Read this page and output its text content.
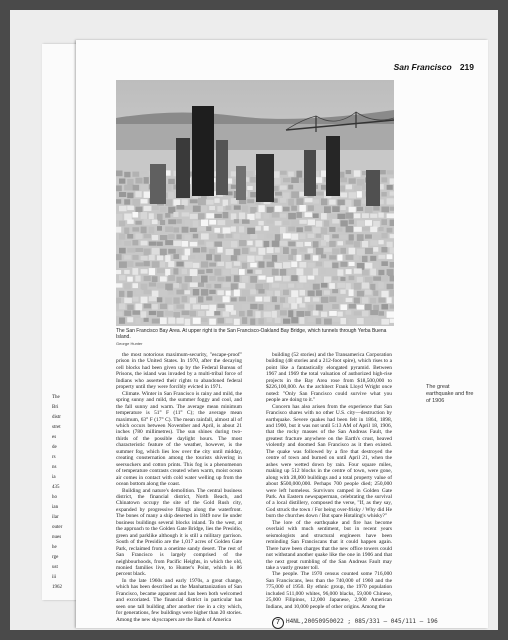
The
Bri
distr
stret
es
de
rs
ns
ia
435
ho
ian
ilar
outer
nues
he
rge
ust
iii
1962
San Francisco 219
The San Francisco Bay Area. At upper right is the San Francisco-Oakland Bay Bridge, which tunnels through Yerba Buena Island.
George Hunter

the most notorious maximum-security, "escape-proof" prison in the United States. In 1970, after the decaying cell blocks had been given up by the Federal Bureau of Prisons, the island was invaded by a multi-tribal force of Indians who asserted their rights to abandoned federal property until they were forcibly evicted in 1971.

Climate. Winter in San Francisco is rainy and mild, the spring sunny and mild, the summer foggy and cool, and the fall sunny and warm. The average mean minimum temperature is 51° F (11° C); the average mean maximum, 63° F (17° C). The mean rainfall, almost all of which occurs between November and April, is about 21 inches (780 millimetres). The sun shines during two-thirds of the possible daylight hours. The most characteristic feature of the weather, however, is the summer fog, which lies low over the city until midday, creating consternation among the tourists shivering in seersuckers and cotton prints. This fog is a phenomenon of temperature contrasts created when warm, moist ocean air comes in contact with cold water welling up from the ocean bottom along the coast.

Building and nature's demolition. The central business district, the financial district, North Beach, and Chinatown occupy the site of the Gold Rush city, expanded by progressive fillings along the waterfront. The bones of many a ship deserted in 1849 now lie under business buildings several blocks inland. To the west, at the approach to the Golden Gate Bridge, lies the Presidio, green and parklike although it is still a military garrison. South of the Presidio are the 1,017 acres of Golden Gate Park, reclaimed from a onetime sandy desert. The rest of San Francisco is largely comprised of the neighbourhoods, from Pacific Heights, in which the old, monied families live, to Hunter's Point, which is 86 percent black.

In the late 1960s and early 1970s, a great change, which has been described as the Manhattanization of San Francisco, became apparent and has been both welcomed and excoriated. The financial district in particular has seen one tall building after another rise in a city which, for generations, few buildings were higher than 20 stories. Among the new skyscrapers are the Bank of America

building (52 stories) and the Transamerica Corporation building (48 stories and a 212-foot spire), which rises to a point like a fantastically elongated pyramid. Between 1967 and 1969 the total valuation of authorized high-rise projects in the Bay Area rose from $18,500,000 to $226,100,000. As the architect Frank Lloyd Wright once noted: "Only San Francisco could survive what you people are doing to it."

Concern has also arisen from the experience that San Francisco shares with no other U.S. city—destruction by earthquake. Severe quakes had been felt in 1864, 1898, and 1900, but it was not until 5:13 AM of April 18, 1906, that the rocky masses of the San Andreas Fault, the greatest fracture anywhere on the Earth's crust, heaved violently and doomed San Francisco as it then existed. The quake was followed by a fire that destroyed the centre of town and burned on until April 21, when the ashes were wetted down by rain. Four square miles, making up 512 blocks in the centre of town, were gone, along with 28,000 buildings and a total property value of about $500,000,000. Perhaps 700 people died; 250,000 were left homeless. Survivors camped in Golden Gate Park. An Eastern newspaperman, celebrating the survival of a local distillery, composed the verse, "If, as they say, God struck the town / For being over-frisky / Why did He burn the churches down / But spare Hotaling's whisky?"

The lore of the earthquake and fire has become overlaid with much sentiment, but in recent years seismologists and structural engineers have been reminding San Franciscans that it could happen again. There have been charges that the new office towers could not withstand another quake like the one in 1906 and that the next great rumbling of the San Andreas Fault may take a vastly greater toll.

The people. The 1970 census counted some 716,000 San Franciscans, less than the 740,000 of 1960 and the 775,000 of 1950. By ethnic group, the 1970 population included 511,000 whites, 96,000 blacks, 59,000 Chinese, 25,000 Filipinos, 12,000 Japanese, 2,900 American Indians, and 10,000 people of other origins. Among the

The great earthquake and fire of 1906
7	H4NL,20050950022 ; 085/331 — 045/111 — 196
